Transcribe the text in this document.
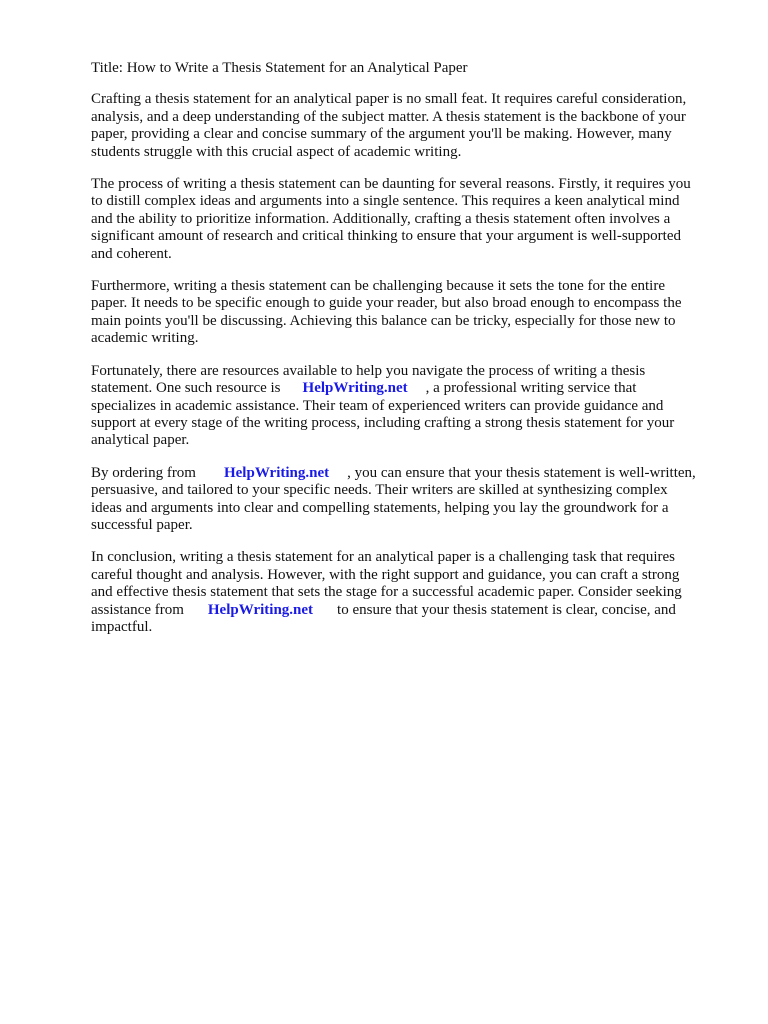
Title: How to Write a Thesis Statement for an Analytical Paper

Crafting a thesis statement for an analytical paper is no small feat. It requires careful consideration,
analysis, and a deep understanding of the subject matter. A thesis statement is the backbone of your
paper, providing a clear and concise summary of the argument you'll be making. However, many
students struggle with this crucial aspect of academic writing.

The process of writing a thesis statement can be daunting for several reasons. Firstly, it requires you
to distill complex ideas and arguments into a single sentence. This requires a keen analytical mind
and the ability to prioritize information. Additionally, crafting a thesis statement often involves a
significant amount of research and critical thinking to ensure that your argument is well-supported
and coherent.

Furthermore, writing a thesis statement can be challenging because it sets the tone for the entire
paper. It needs to be specific enough to guide your reader, but also broad enough to encompass the
main points you'll be discussing. Achieving this balance can be tricky, especially for those new to
academic writing.

Fortunately, there are resources available to help you navigate the process of writing a thesis
statement. One such resource is HelpWriting.net , a professional writing service that
specializes in academic assistance. Their team of experienced writers can provide guidance and
support at every stage of the writing process, including crafting a strong thesis statement for your
analytical paper.

By ordering from HelpWriting.net , you can ensure that your thesis statement is well-written,
persuasive, and tailored to your specific needs. Their writers are skilled at synthesizing complex
ideas and arguments into clear and compelling statements, helping you lay the groundwork for a
successful paper.

In conclusion, writing a thesis statement for an analytical paper is a challenging task that requires
careful thought and analysis. However, with the right support and guidance, you can craft a strong
and effective thesis statement that sets the stage for a successful academic paper. Consider seeking
assistance from HelpWriting.net to ensure that your thesis statement is clear, concise, and
impactful.
